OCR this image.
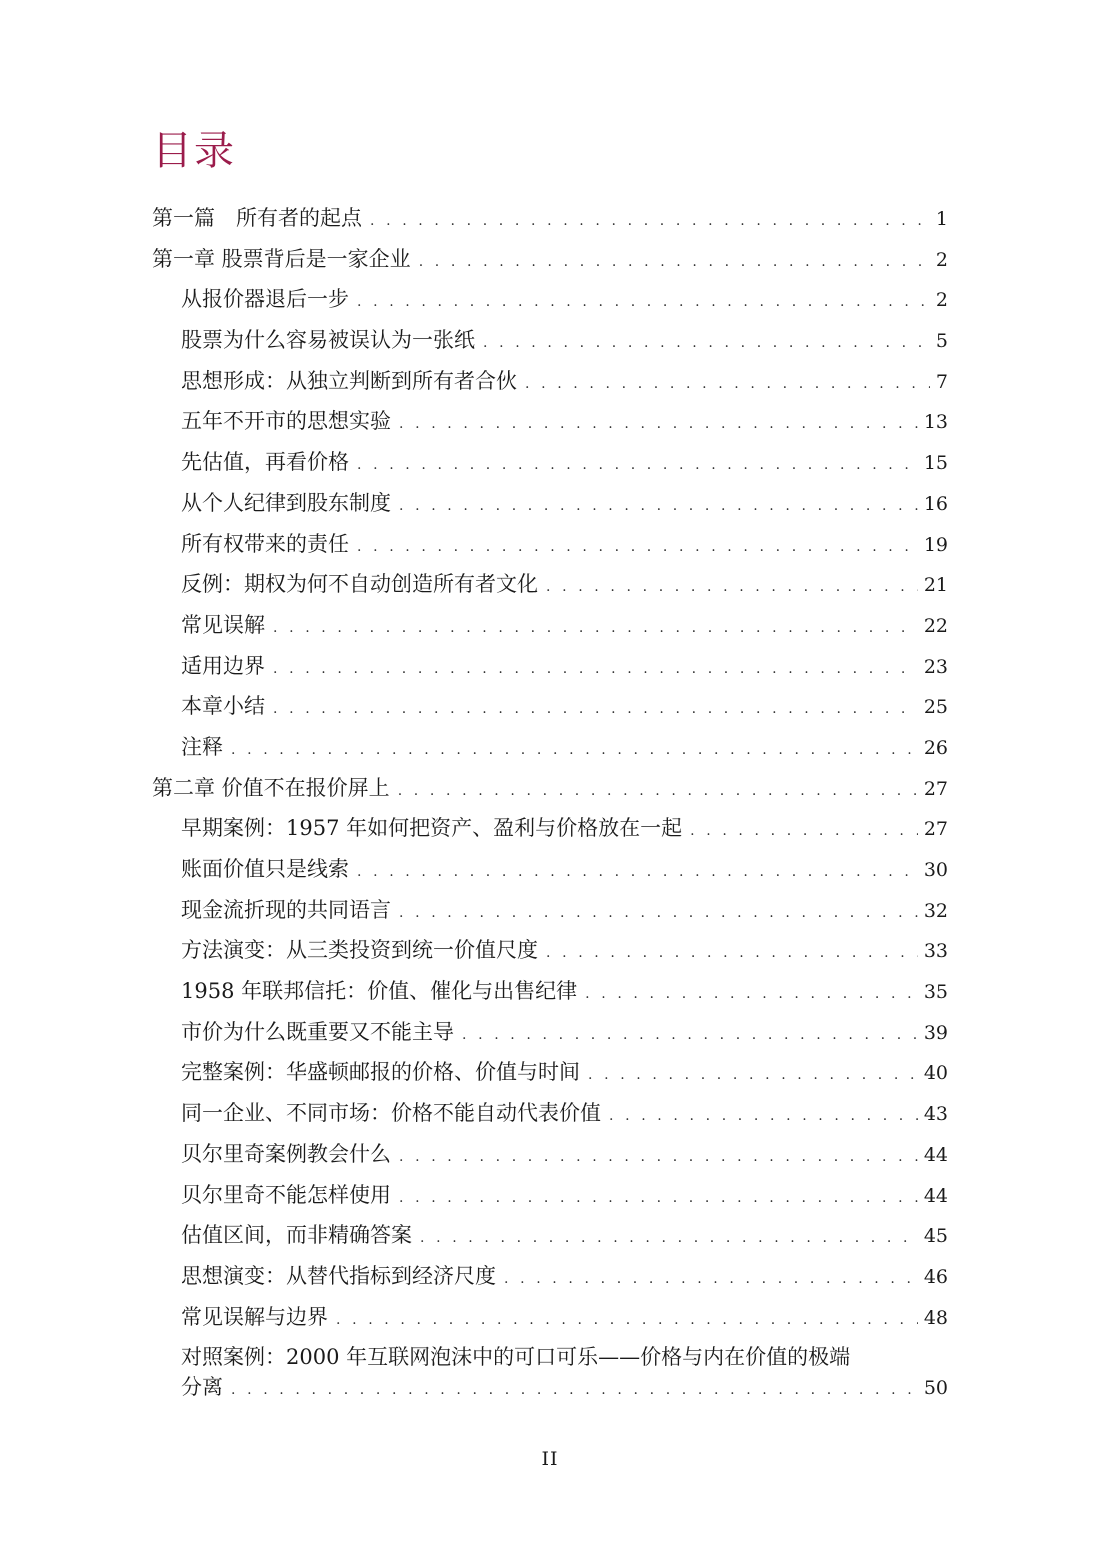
目录
第一篇　所有者的起点 . . .	1
第一章 股票背后是一家企业 . . .	2
从报价器退后一步 . . .	2
股票为什么容易被误认为一张纸 . . .	5
思想形成：从独立判断到所有者合伙 . . .	7
五年不开市的思想实验 . . .	13
先估值，再看价格 . . .	15
从个人纪律到股东制度 . . .	16
所有权带来的责任 . . .	19
反例：期权为何不自动创造所有者文化 . . .	21
常见误解 . . .	22
适用边界 . . .	23
本章小结 . . .	25
注释 . . .	26
第二章 价值不在报价屏上 . . .	27
早期案例：1957 年如何把资产、盈利与价格放在一起 . . .	27
账面价值只是线索 . . .	30
现金流折现的共同语言 . . .	32
方法演变：从三类投资到统一价值尺度 . . .	33
1958 年联邦信托：价值、催化与出售纪律 . . .	35
市价为什么既重要又不能主导 . . .	39
完整案例：华盛顿邮报的价格、价值与时间 . . .	40
同一企业、不同市场：价格不能自动代表价值 . . .	43
贝尔里奇案例教会什么 . . .	44
贝尔里奇不能怎样使用 . . .	44
估值区间，而非精确答案 . . .	45
思想演变：从替代指标到经济尺度 . . .	46
常见误解与边界 . . .	48
对照案例：2000 年互联网泡沫中的可口可乐——价格与内在价值的极端
分离 . . .	50
II
